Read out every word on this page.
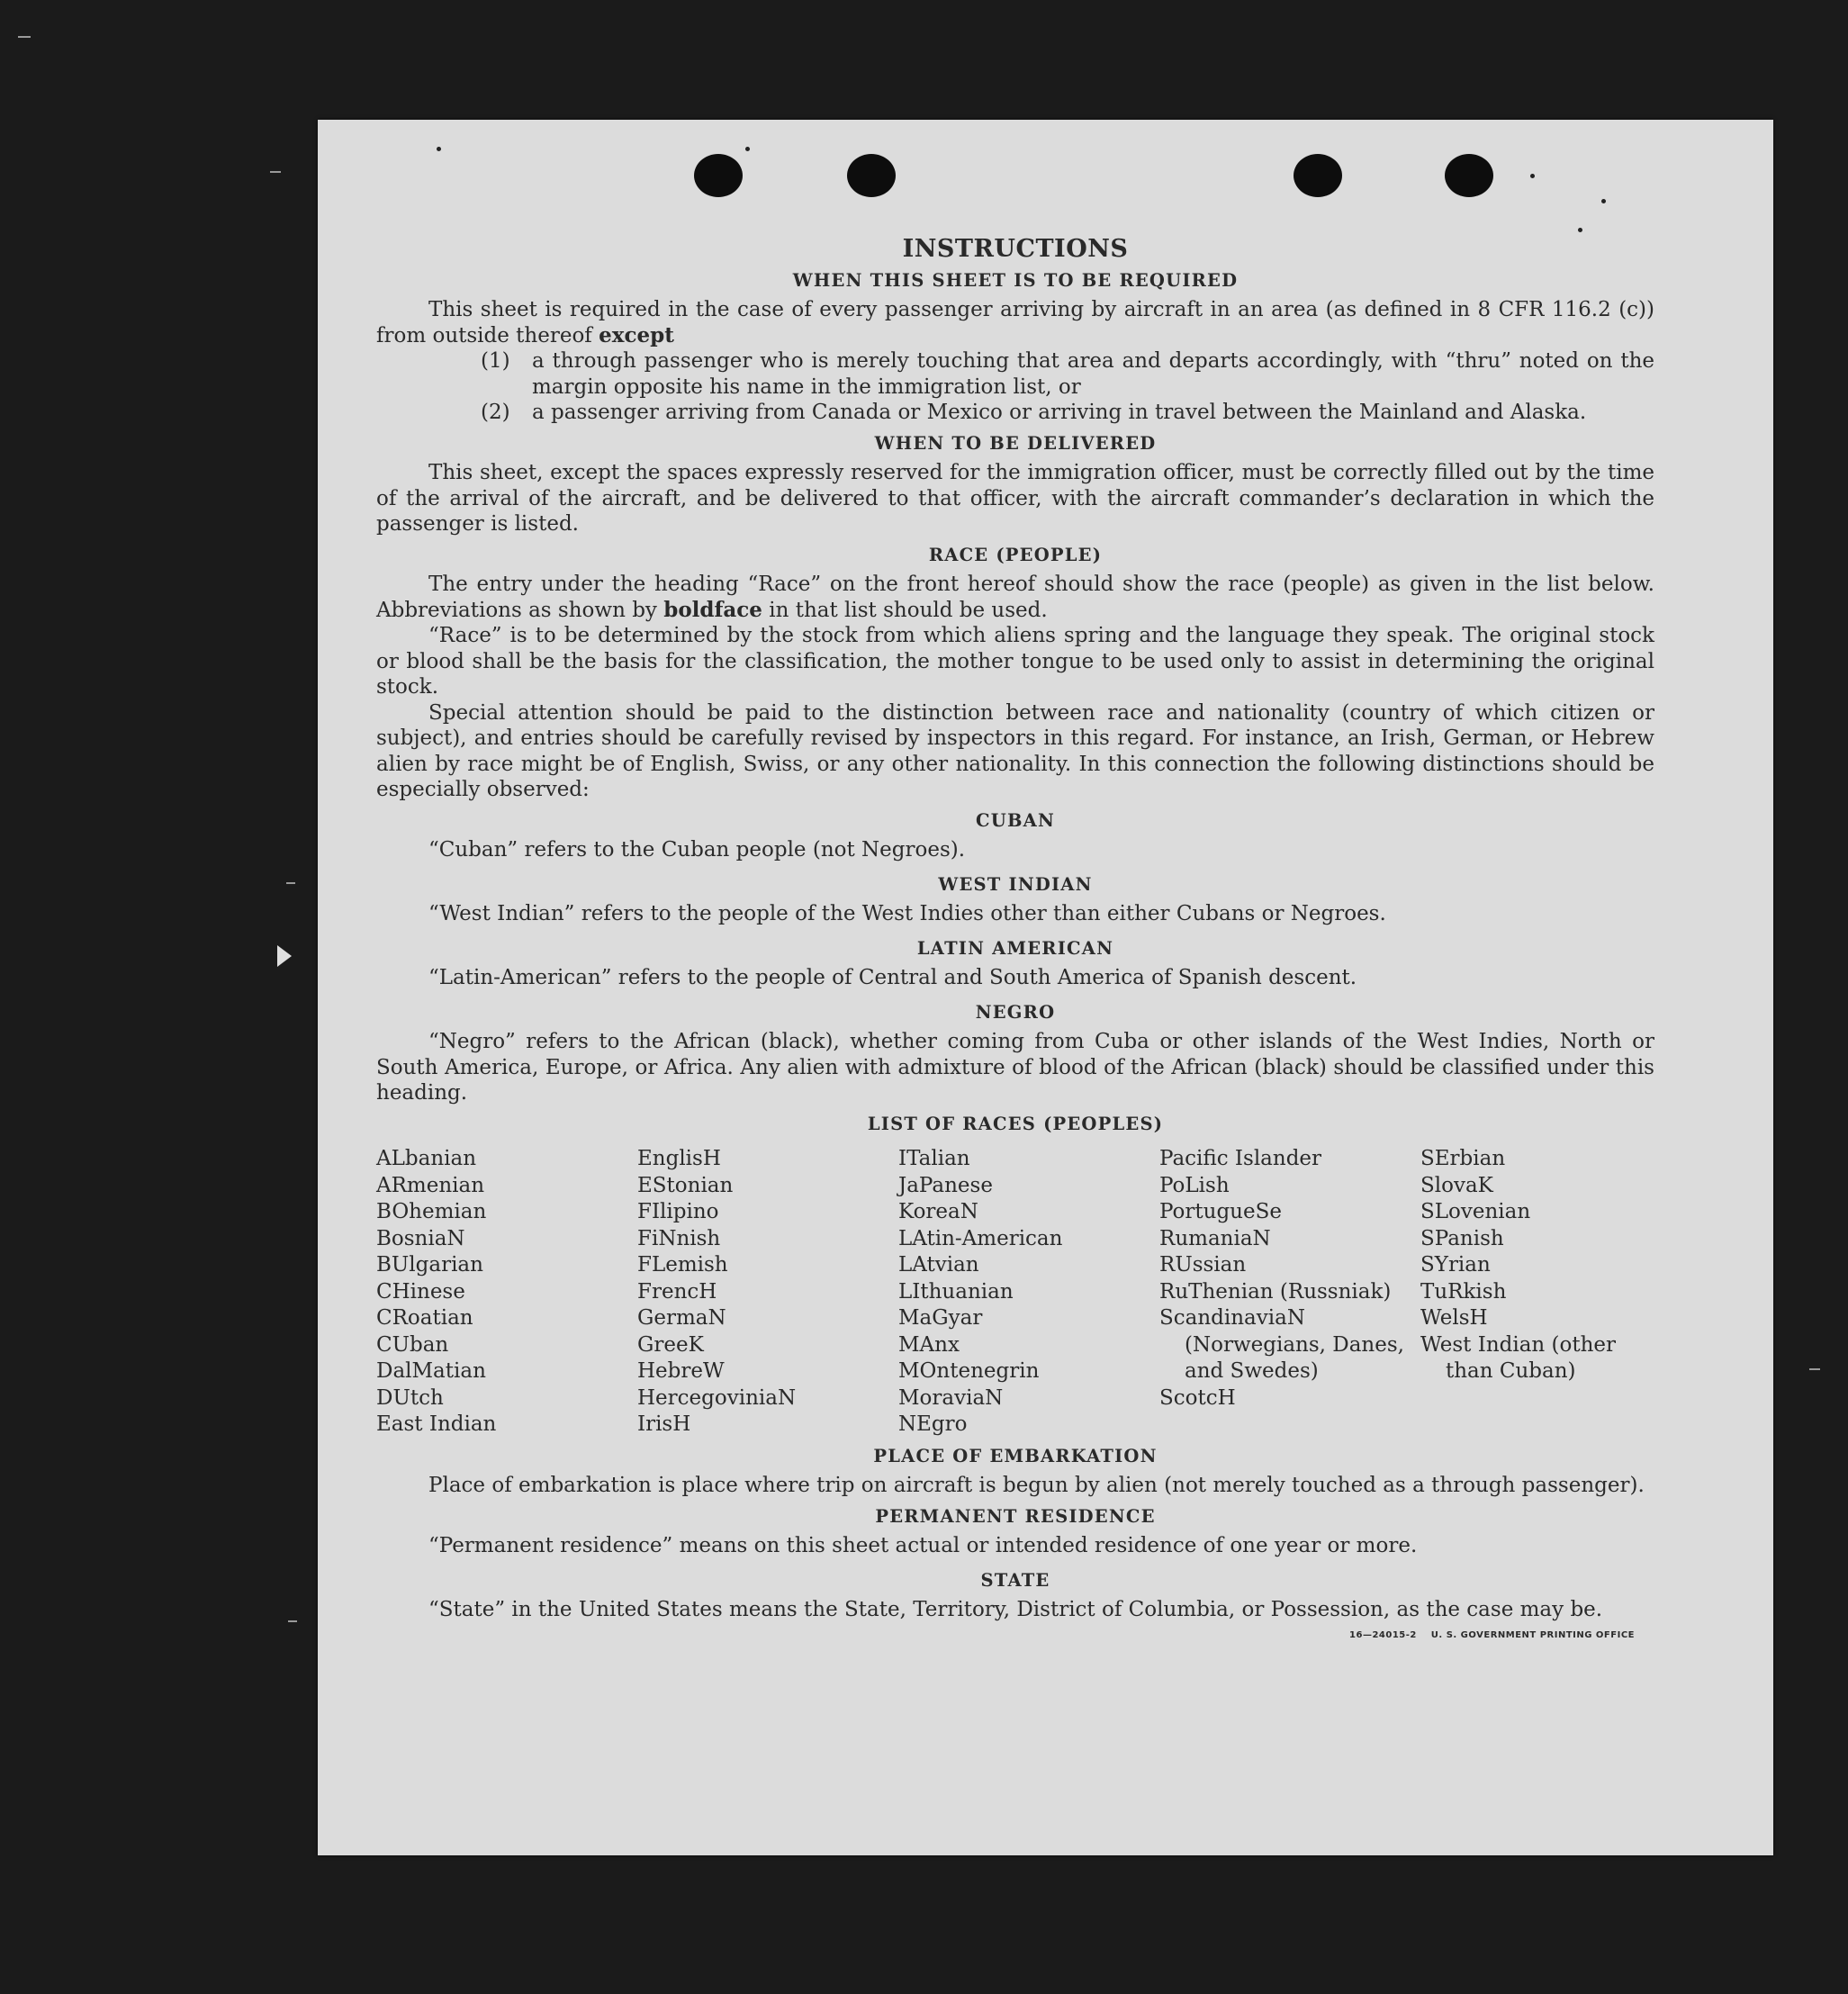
INSTRUCTIONS
WHEN THIS SHEET IS TO BE REQUIRED

This sheet is required in the case of every passenger arriving by aircraft in an area (as defined in 8 CFR 116.2 (c)) from outside thereof except

(1)	a through passenger who is merely touching that area and departs accordingly, with “thru” noted on the margin opposite his name in the immigration list, or
(2)	a passenger arriving from Canada or Mexico or arriving in travel between the Mainland and Alaska.
WHEN TO BE DELIVERED

This sheet, except the spaces expressly reserved for the immigration officer, must be correctly filled out by the time of the arrival of the aircraft, and be delivered to that officer, with the aircraft commander’s declaration in which the passenger is listed.

RACE (PEOPLE)

The entry under the heading “Race” on the front hereof should show the race (people) as given in the list below. Abbreviations as shown by boldface in that list should be used.

“Race” is to be determined by the stock from which aliens spring and the language they speak. The original stock or blood shall be the basis for the classification, the mother tongue to be used only to assist in determining the original stock.

Special attention should be paid to the distinction between race and nationality (country of which citizen or subject), and entries should be carefully revised by inspectors in this regard. For instance, an Irish, German, or Hebrew alien by race might be of English, Swiss, or any other nationality. In this connection the following distinctions should be especially observed:

CUBAN
“Cuban” refers to the Cuban people (not Negroes).
WEST INDIAN
“West Indian” refers to the people of the West Indies other than either Cubans or Negroes.
LATIN AMERICAN
“Latin-American” refers to the people of Central and South America of Spanish descent.
NEGRO

“Negro” refers to the African (black), whether coming from Cuba or other islands of the West Indies, North or South America, Europe, or Africa. Any alien with admixture of blood of the African (black) should be classified under this heading.

LIST OF RACES (PEOPLES)
ALbanian
ARmenian
BOhemian
BosniaN
BUlgarian
CHinese
CRoatian
CUban
DalMatian
DUtch
East Indian
EnglisH
EStonian
FIlipino
FiNnish
FLemish
FrencH
GermaN
GreeK
HebreW
HercegoviniaN
IrisH
ITalian
JaPanese
KoreaN
LAtin-American
LAtvian
LIthuanian
MaGyar
MAnx
MOntenegrin
MoraviaN
NEgro
Pacific Islander
PoLish
PortugueSe
RumaniaN
RUssian
RuThenian (Russniak)
ScandinaviaN (Norwegians, Danes, and Swedes)
ScotcH
SErbian
SlovaK
SLovenian
SPanish
SYrian
TuRkish
WelsH
West Indian (other than Cuban)
PLACE OF EMBARKATION

Place of embarkation is place where trip on aircraft is begun by alien (not merely touched as a through passenger).

PERMANENT RESIDENCE
“Permanent residence” means on this sheet actual or intended residence of one year or more.
STATE

“State” in the United States means the State, Territory, District of Columbia, or Possession, as the case may be.

16—24015-2 U. S. GOVERNMENT PRINTING OFFICE
